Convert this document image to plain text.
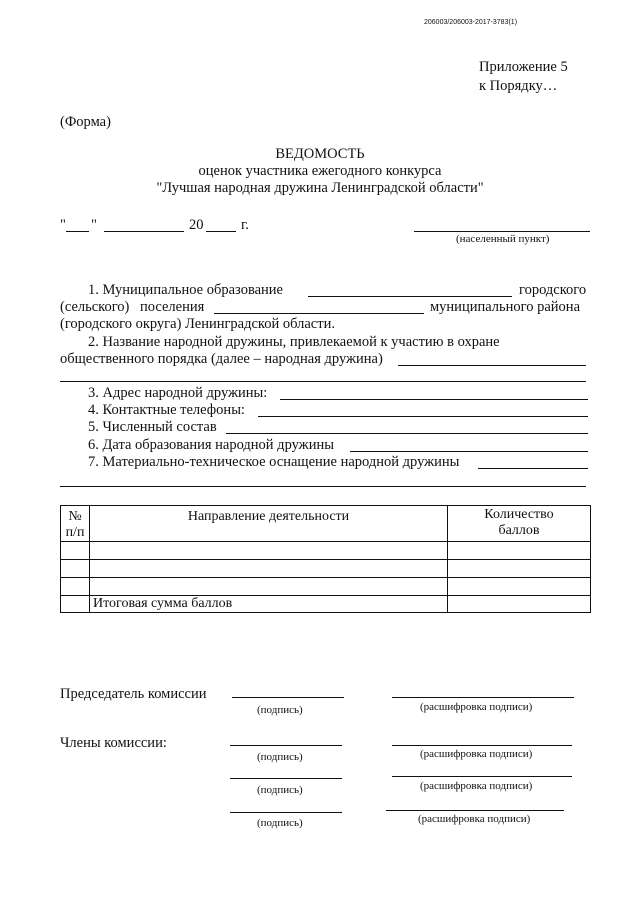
206003/206003-2017-3783(1)
Приложение 5
к Порядку…
(Форма)
ВЕДОМОСТЬ
оценок участника ежегодного конкурса
"Лучшая народная дружина Ленинградской области"
" "	20	г.
(населенный пункт)
1. Муниципальное образование	городского
(сельского) поселения	муниципального района
(городского округа) Ленинградской области.
2. Название народной дружины, привлекаемой к участию в охране
общественного порядка (далее – народная дружина)
3. Адрес народной дружины:
4. Контактные телефоны:
5. Численный состав
6. Дата образования народной дружины
7. Материально-техническое оснащение народной дружины
№ п/п	Направление деятельности	Количество баллов

	Итоговая сумма баллов	
Председатель комиссии
(подпись)	(расшифровка подписи)
Члены комиссии:
(подпись)	(расшифровка подписи)
(подпись)	(расшифровка подписи)
(подпись)	(расшифровка подписи)
